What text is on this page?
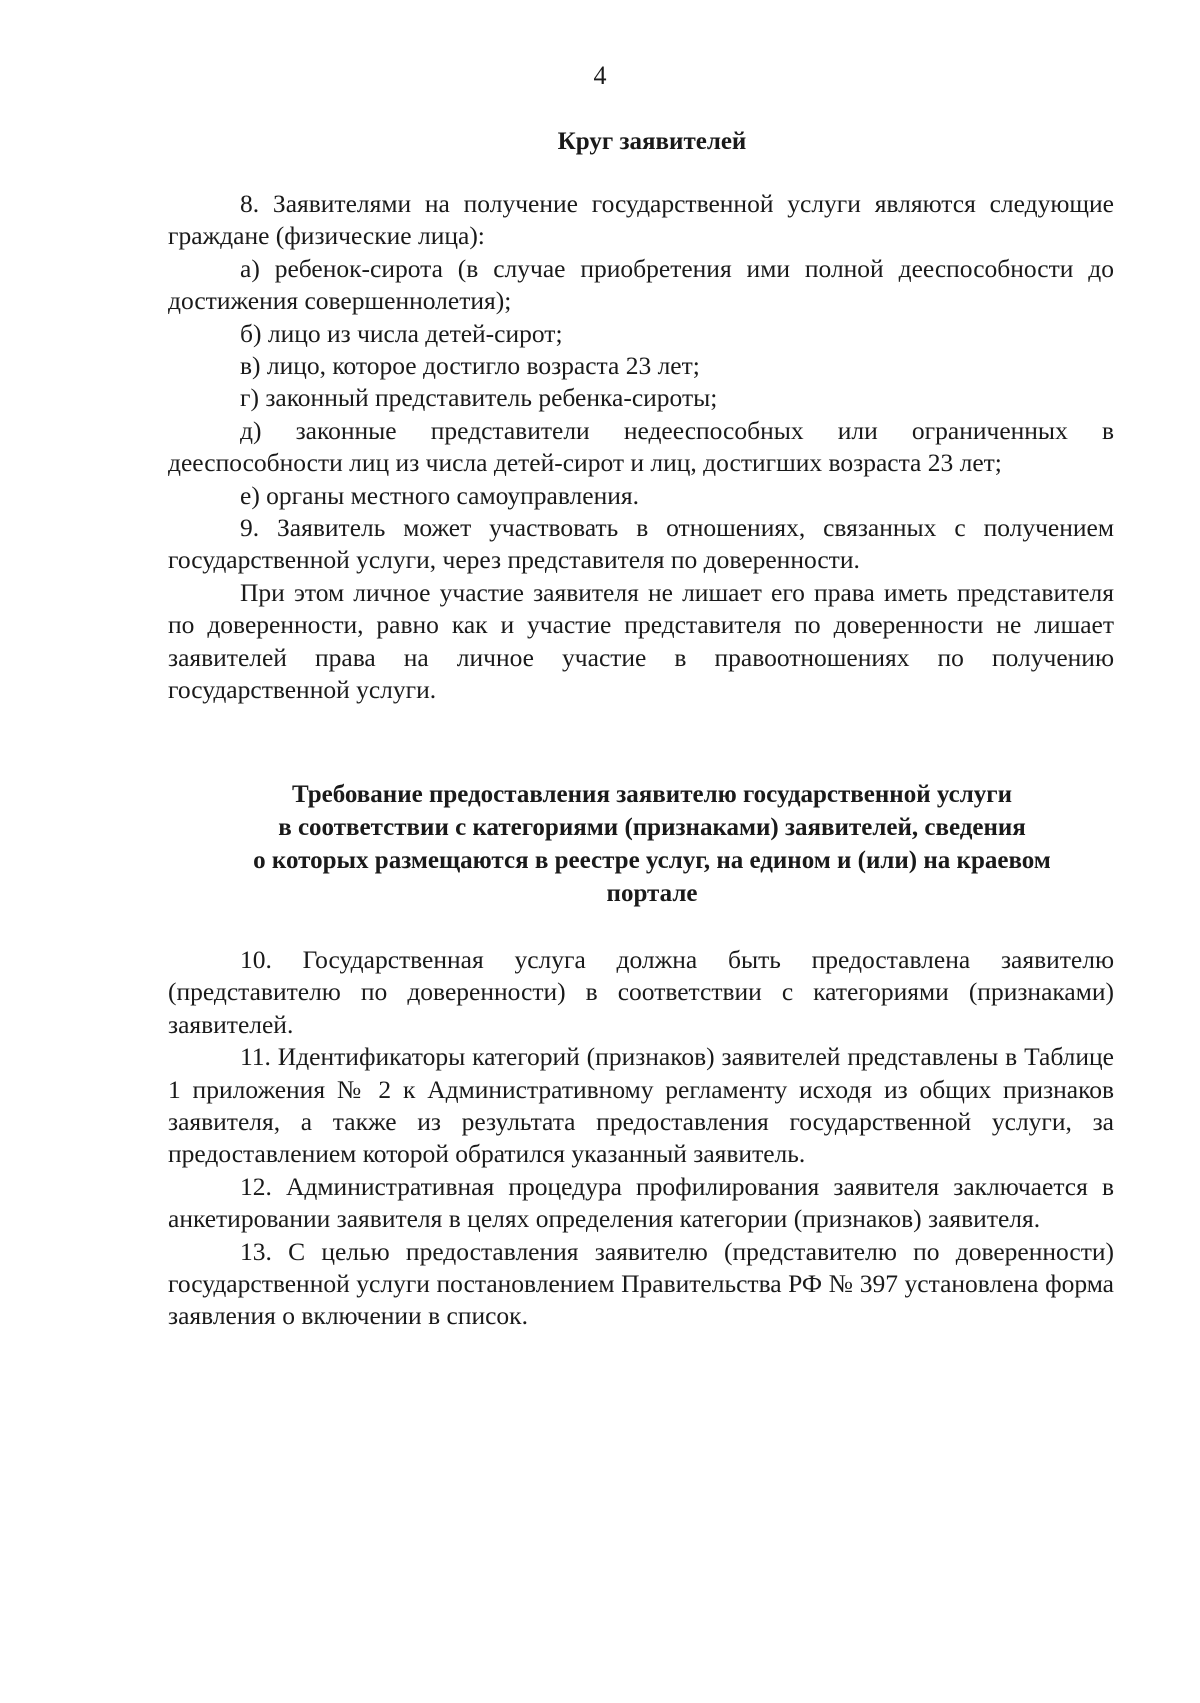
4
Круг заявителей

8. Заявителями на получение государственной услуги являются следующие граждане (физические лица):

а) ребенок-сирота (в случае приобретения ими полной дееспособности до достижения совершеннолетия);

б) лицо из числа детей-сирот;

в) лицо, которое достигло возраста 23 лет;

г) законный представитель ребенка-сироты;

д) законные представители недееспособных или ограниченных в дееспособности лиц из числа детей-сирот и лиц, достигших возраста 23 лет;

е) органы местного самоуправления.

9. Заявитель может участвовать в отношениях, связанных с получением государственной услуги, через представителя по доверенности.

При этом личное участие заявителя не лишает его права иметь представителя по доверенности, равно как и участие представителя по доверенности не лишает заявителей права на личное участие в правоотношениях по получению государственной услуги.

Требование предоставления заявителю государственной услуги
в соответствии с категориями (признаками) заявителей, сведения
о которых размещаются в реестре услуг, на едином и (или) на краевом
портале

10. Государственная услуга должна быть предоставлена заявителю (представителю по доверенности) в соответствии с категориями (признаками) заявителей.

11. Идентификаторы категорий (признаков) заявителей представлены в Таблице 1 приложения № 2 к Административному регламенту исходя из общих признаков заявителя, а также из результата предоставления государственной услуги, за предоставлением которой обратился указанный заявитель.

12. Административная процедура профилирования заявителя заключается в анкетировании заявителя в целях определения категории (признаков) заявителя.

13. С целью предоставления заявителю (представителю по доверенности) государственной услуги постановлением Правительства РФ № 397 установлена форма заявления о включении в список.
